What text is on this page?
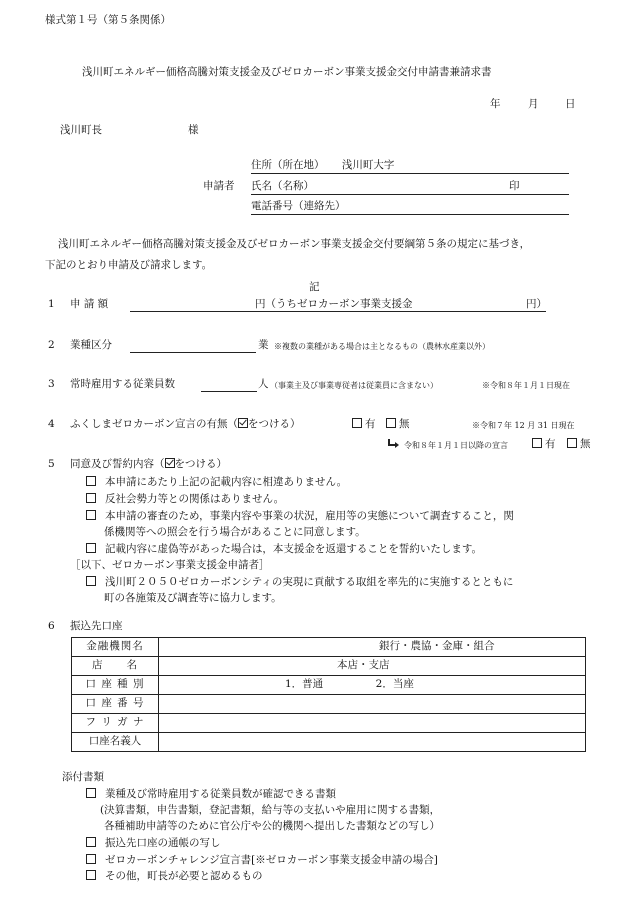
様式第１号（第５条関係）
浅川町エネルギー価格高騰対策支援金及びゼロカーボン事業支援金交付申請書兼請求書
年	月	日
浅川町長	様
申請者
住所（所在地） 浅川町大字
氏名（名称）	印
電話番号（連絡先）
浅川町エネルギー価格高騰対策支援金及びゼロカーボン事業支援金交付要綱第５条の規定に基づき，
下記のとおり申請及び請求します。
記
1 申 請 額	円（うちゼロカーボン事業支援金	円）
2 業種区分	業 ※複数の業種がある場合は主となるもの（農林水産業以外）
3 常時雇用する従業員数	人 （事業主及び事業専従者は従業員に含まない）	※令和８年１月１日現在
4 ふくしまゼロカーボン宣言の有無（ をつける）	有	無	※令和７年 12 月 31 日現在
令和８年１月１日以降の宣言	有	無
5 同意及び誓約内容（ をつける）
本申請にあたり上記の記載内容に相違ありません。
反社会勢力等との関係はありません。
本申請の審査のため，事業内容や事業の状況，雇用等の実態について調査すること，関
係機関等への照会を行う場合があることに同意します。
記載内容に虚偽等があった場合は，本支援金を返還することを誓約いたします。
［以下、ゼロカーボン事業支援金申請者］
浅川町２０５０ゼロカーボンシティの実現に貢献する取組を率先的に実施するとともに
町の各施策及び調査等に協力します。
6 振込先口座
金融機関名	銀行・農協・金庫・組合
店　　名	本店・支店
口 座 種 別	1．普通　　　　　2．当座
口 座 番 号	
フ リ ガ ナ	
口座名義人	
添付書類
業種及び常時雇用する従業員数が確認できる書類
(決算書類，申告書類，登記書類，給与等の支払いや雇用に関する書類，
各種補助申請等のために官公庁や公的機関へ提出した書類などの写し）
振込先口座の通帳の写し
ゼロカーボンチャレンジ宣言書[※ゼロカーボン事業支援金申請の場合]
その他，町長が必要と認めるもの
